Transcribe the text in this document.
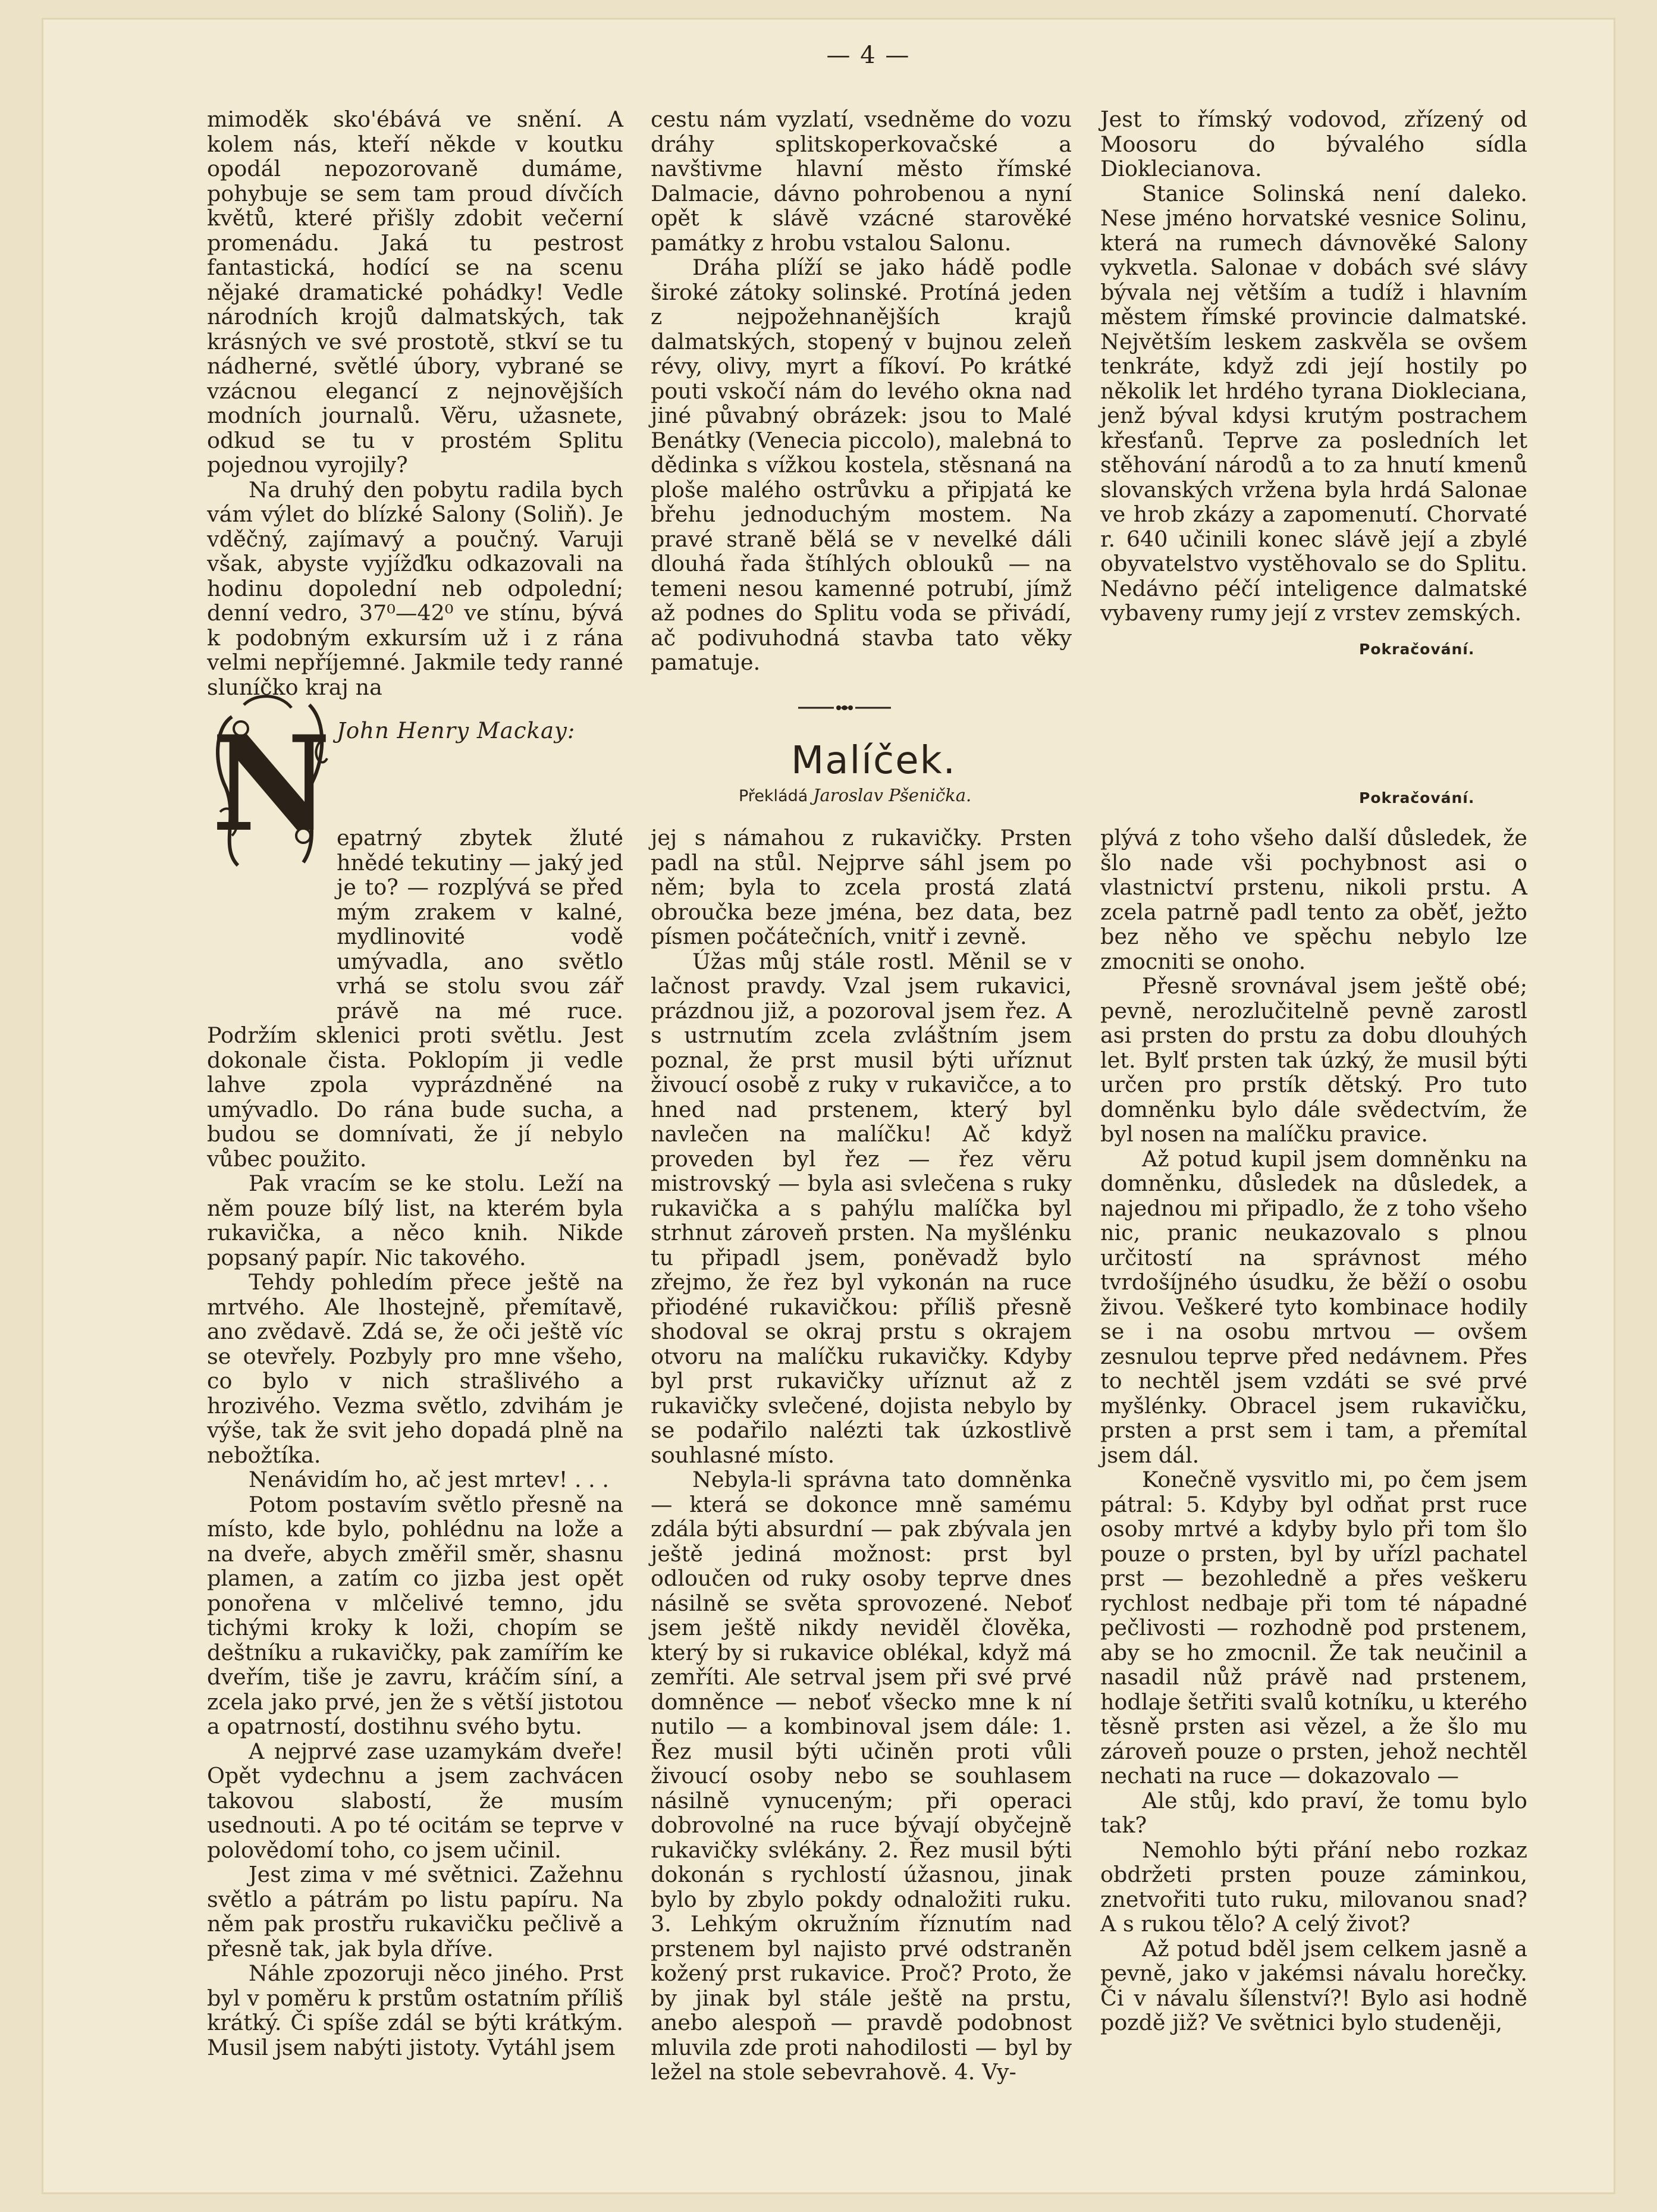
— 4 —

mimoděk sko'ébává ve snění. A kolem nás, kteří někde v koutku opodál nepozorovaně dumáme, pohybuje se sem tam proud dívčích květů, které přišly zdobit večerní promenádu. Jaká tu pestrost fantastická, hodící se na scenu nějaké dramatické pohádky! Vedle národních krojů dalmatských, tak krásných ve své prostotě, stkví se tu nádherné, světlé úbory, vybrané se vzácnou elegancí z nejnovějších modních journalů. Věru, užasnete, odkud se tu v prostém Splitu pojednou vyrojily?

Na druhý den pobytu radila bych vám výlet do blízké Salony (Soliň). Je vděčný, zajímavý a poučný. Varuji však, abyste vyjížďku odkazovali na hodinu dopolední neb odpolední; denní vedro, 37⁰—42⁰ ve stínu, bývá k podobným exkursím už i z rána velmi nepříjemné. Jakmile tedy ranné sluníčko kraj na

cestu nám vyzlatí, vsedněme do vozu dráhy splitskoperkovačské a navštivme hlavní město římské Dalmacie, dávno pohrobenou a nyní opět k slávě vzácné starověké památky z hrobu vstalou Salonu.

Dráha plíží se jako hádě podle široké zátoky solinské. Protíná jeden z nejpožehnanějších krajů dalmatských, stopený v bujnou zeleň révy, olivy, myrt a fíkoví. Po krátké pouti vskočí nám do levého okna nad jiné půvabný obrázek: jsou to Malé Benátky (Venecia piccolo), malebná to dědinka s vížkou kostela, stěsnaná na ploše malého ostrůvku a připjatá ke břehu jednoduchým mostem. Na pravé straně bělá se v nevelké dáli dlouhá řada štíhlých oblouků — na temeni nesou kamenné potrubí, jímž až podnes do Splitu voda se přivádí, ač podivuhodná stavba tato věky pamatuje.

Jest to římský vodovod, zřízený od Moosoru do bývalého sídla Dioklecianova.

Stanice Solinská není daleko. Nese jméno horvatské vesnice Solinu, která na rumech dávnověké Salony vykvetla. Salonae v dobách své slávy bývala nej větším a tudíž i hlavním městem římské provincie dalmatské. Největším leskem zaskvěla se ovšem tenkráte, když zdi její hostily po několik let hrdého tyrana Diokleciana, jenž býval kdysi krutým postrachem křesťanů. Teprve za posledních let stěhování národů a to za hnutí kmenů slovanských vržena byla hrdá Salonae ve hrob zkázy a zapomenutí. Chorvaté r. 640 učinili konec slávě její a zbylé obyvatelstvo vystěhovalo se do Splitu. Nedávno péčí inteligence dalmatské vybaveny rumy její z vrstev zemských.

Pokračování.
John Henry Mackay:
Malíček.
Překládá Jaroslav Pšenička.	Pokračování.

epatrný zbytek žluté hnědé tekutiny — jaký jed je to? — rozplývá se před mým zrakem v kalné, mydlinovité vodě umývadla, ano světlo vrhá se stolu svou zář právě na mé ruce. Podržím sklenici proti světlu. Jest dokonale čista. Poklopím ji vedle lahve zpola vyprázdněné na umývadlo. Do rána bude sucha, a budou se domnívati, že jí nebylo vůbec použito.

Pak vracím se ke stolu. Leží na něm pouze bílý list, na kterém byla rukavička, a něco knih. Nikde popsaný papír. Nic takového.

Tehdy pohledím přece ještě na mrtvého. Ale lhostejně, přemítavě, ano zvědavě. Zdá se, že oči ještě víc se otevřely. Pozbyly pro mne všeho, co bylo v nich strašlivého a hrozivého. Vezma světlo, zdvihám je výše, tak že svit jeho dopadá plně na nebožtíka.

Nenávidím ho, ač jest mrtev! . . .

Potom postavím světlo přesně na místo, kde bylo, pohlédnu na lože a na dveře, abych změřil směr, shasnu plamen, a zatím co jizba jest opět ponořena v mlčelivé temno, jdu tichými kroky k loži, chopím se deštníku a rukavičky, pak zamířím ke dveřím, tiše je zavru, kráčím síní, a zcela jako prvé, jen že s větší jistotou a opatrností, dostihnu svého bytu.

A nejprvé zase uzamykám dveře! Opět vydechnu a jsem zachvácen takovou slabostí, že musím usednouti. A po té ocitám se teprve v polovědomí toho, co jsem učinil.

Jest zima v mé světnici. Zažehnu světlo a pátrám po listu papíru. Na něm pak prostřu rukavičku pečlivě a přesně tak, jak byla dříve.

Náhle zpozoruji něco jiného. Prst byl v poměru k prstům ostatním příliš krátký. Či spíše zdál se býti krátkým. Musil jsem nabýti jistoty. Vytáhl jsem

N	jej s námahou z rukavičky. Prsten padl na stůl. Nejprve sáhl jsem po něm; byla to zcela prostá zlatá obroučka beze jména, bez data, bez písmen počátečních, vnitř i zevně.

Úžas můj stále rostl. Měnil se v lačnost pravdy. Vzal jsem rukavici, prázdnou již, a pozoroval jsem řez. A s ustrnutím zcela zvláštním jsem poznal, že prst musil býti uříznut živoucí osobě z ruky v rukavičce, a to hned nad prstenem, který byl navlečen na malíčku! Ač když proveden byl řez — řez věru mistrovský — byla asi svlečena s ruky rukavička a s pahýlu malíčka byl strhnut zároveň prsten. Na myšlénku tu připadl jsem, poněvadž bylo zřejmo, že řez byl vykonán na ruce přiodéné rukavičkou: příliš přesně shodoval se okraj prstu s okrajem otvoru na malíčku rukavičky. Kdyby byl prst rukavičky uříznut až z rukavičky svlečené, dojista nebylo by se podařilo nalézti tak úzkostlivě souhlasné místo.

Nebyla-li správna tato domněnka — která se dokonce mně samému zdála býti absurdní — pak zbývala jen ještě jediná možnost: prst byl odloučen od ruky osoby teprve dnes násilně se světa sprovozené. Neboť jsem ještě nikdy neviděl člověka, který by si rukavice oblékal, když má zemříti. Ale setrval jsem při své prvé domněnce — neboť všecko mne k ní nutilo — a kombinoval jsem dále: 1. Řez musil býti učiněn proti vůli živoucí osoby nebo se souhlasem násilně vynuceným; při operaci dobrovolné na ruce bývají obyčejně rukavičky svlékány. 2. Řez musil býti dokonán s rychlostí úžasnou, jinak bylo by zbylo pokdy odnaložiti ruku. 3. Lehkým okružním říznutím nad prstenem byl najisto prvé odstraněn kožený prst rukavice. Proč? Proto, že by jinak byl stále ještě na prstu, anebo alespoň — pravdě podobnost mluvila zde proti nahodilosti — byl by ležel na stole sebevrahově. 4. Vy-

plývá z toho všeho další důsledek, že šlo nade vši pochybnost asi o vlastnictví prstenu, nikoli prstu. A zcela patrně padl tento za oběť, ježto bez něho ve spěchu nebylo lze zmocniti se onoho.

Přesně srovnával jsem ještě obé; pevně, nerozlučitelně pevně zarostl asi prsten do prstu za dobu dlouhých let. Bylť prsten tak úzký, že musil býti určen pro prstík dětský. Pro tuto domněnku bylo dále svědectvím, že byl nosen na malíčku pravice.

Až potud kupil jsem domněnku na domněnku, důsledek na důsledek, a najednou mi připadlo, že z toho všeho nic, pranic neukazovalo s plnou určitostí na správnost mého tvrdošíjného úsudku, že běží o osobu živou. Veškeré tyto kombinace hodily se i na osobu mrtvou — ovšem zesnulou teprve před nedávnem. Přes to nechtěl jsem vzdáti se své prvé myšlénky. Obracel jsem rukavičku, prsten a prst sem i tam, a přemítal jsem dál.

Konečně vysvitlo mi, po čem jsem pátral: 5. Kdyby byl odňat prst ruce osoby mrtvé a kdyby bylo při tom šlo pouze o prsten, byl by uřízl pachatel prst — bezohledně a přes veškeru rychlost nedbaje při tom té nápadné pečlivosti — rozhodně pod prstenem, aby se ho zmocnil. Že tak neučinil a nasadil nůž právě nad prstenem, hodlaje šetřiti svalů kotníku, u kterého těsně prsten asi vězel, a že šlo mu zároveň pouze o prsten, jehož nechtěl nechati na ruce — dokazovalo —

Ale stůj, kdo praví, že tomu bylo tak?

Nemohlo býti přání nebo rozkaz obdržeti prsten pouze záminkou, znetvořiti tuto ruku, milovanou snad? A s rukou tělo? A celý život?

Až potud bděl jsem celkem jasně a pevně, jako v jakémsi návalu horečky. Či v návalu šílenství?! Bylo asi hodně pozdě již? Ve světnici bylo studeněji,
